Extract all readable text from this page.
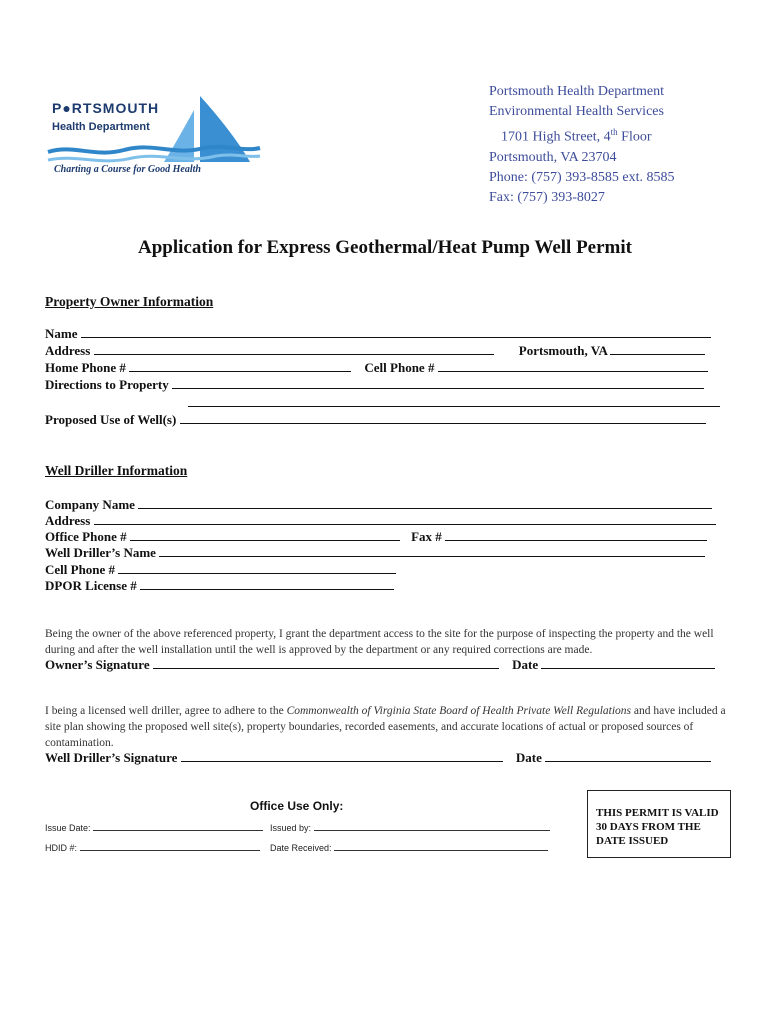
P●RTSMOUTH
Health Department
Charting a Course for Good Health
Portsmouth Health Department
Environmental Health Services
1701 High Street, 4th Floor
Portsmouth, VA 23704
Phone: (757) 393-8585 ext. 8585
Fax: (757) 393-8027
Application for Express Geothermal/Heat Pump Well Permit
Property Owner Information
Name
Address	Portsmouth, VA
Home Phone #	Cell Phone #
Directions to Property
Proposed Use of Well(s)
Well Driller Information
Company Name
Address
Office Phone #	Fax #
Well Driller’s Name
Cell Phone #
DPOR License #
Being the owner of the above referenced property, I grant the department access to the site for the purpose of inspecting the property and the well during and after the well installation until the well is approved by the department or any required corrections are made.
Owner’s Signature	Date
I being a licensed well driller, agree to adhere to the Commonwealth of Virginia State Board of Health Private Well Regulations and have included a site plan showing the proposed well site(s), property boundaries, recorded easements, and accurate locations of actual or proposed sources of contamination.
Well Driller’s Signature	Date
Office Use Only:
Issue Date:	Issued by:
HDID #:	Date Received:
THIS PERMIT IS VALID 30 DAYS FROM THE DATE ISSUED
